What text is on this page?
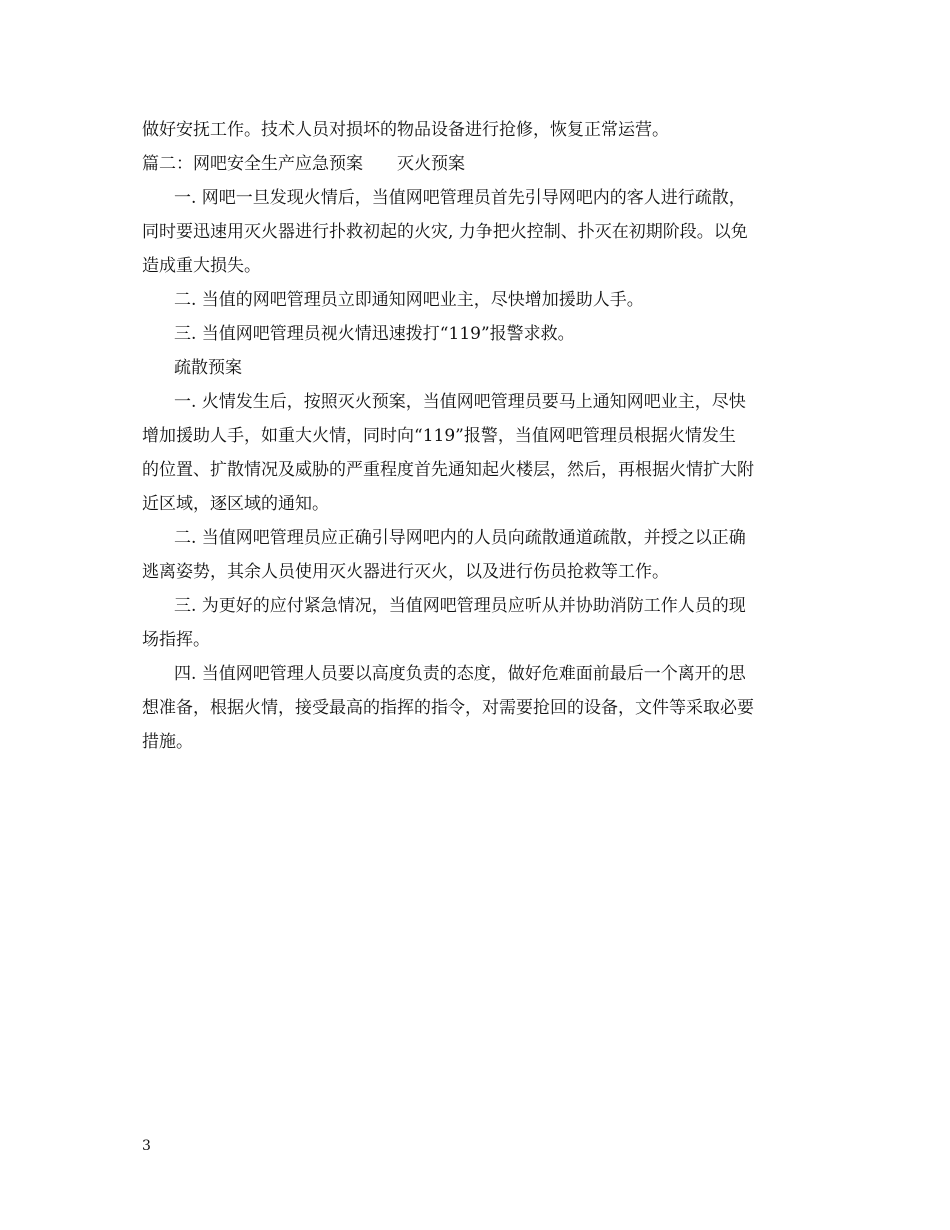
做好安抚工作。技术人员对损坏的物品设备进行抢修，恢复正常运营。
篇二：网吧安全生产应急预案　　灭火预案
一. 网吧一旦发现火情后，当值网吧管理员首先引导网吧内的客人进行疏散，
同时要迅速用灭火器进行扑救初起的火灾, 力争把火控制、扑灭在初期阶段。以免
造成重大损失。
二. 当值的网吧管理员立即通知网吧业主，尽快增加援助人手。
三. 当值网吧管理员视火情迅速拨打“119”报警求救。
疏散预案
一. 火情发生后，按照灭火预案，当值网吧管理员要马上通知网吧业主，尽快
增加援助人手，如重大火情，同时向“119”报警，当值网吧管理员根据火情发生
的位置、扩散情况及威胁的严重程度首先通知起火楼层，然后，再根据火情扩大附
近区域，逐区域的通知。
二. 当值网吧管理员应正确引导网吧内的人员向疏散通道疏散，并授之以正确
逃离姿势，其余人员使用灭火器进行灭火，以及进行伤员抢救等工作。
三. 为更好的应付紧急情况，当值网吧管理员应听从并协助消防工作人员的现
场指挥。
四. 当值网吧管理人员要以高度负责的态度，做好危难面前最后一个离开的思
想准备，根据火情，接受最高的指挥的指令，对需要抢回的设备，文件等采取必要
措施。
3
